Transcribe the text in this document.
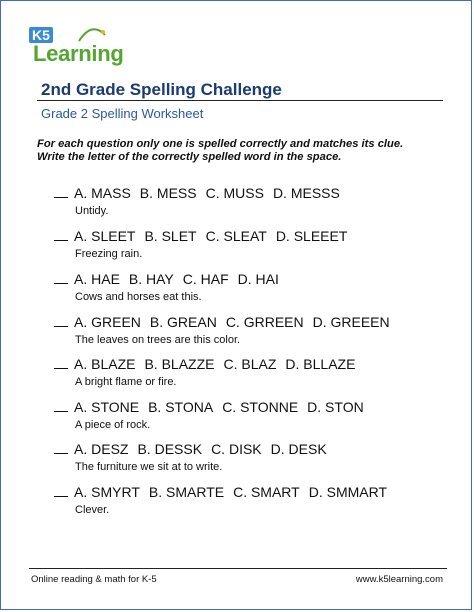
K5
Learning
2nd Grade Spelling Challenge
Grade 2 Spelling Worksheet
For each question only one is spelled correctly and matches its clue.
Write the letter of the correctly spelled word in the space.
A. MASS B. MESS C. MUSS D. MESSS
Untidy.
A. SLEET B. SLET C. SLEAT D. SLEEET
Freezing rain.
A. HAE B. HAY C. HAF D. HAI
Cows and horses eat this.
A. GREEN B. GREAN C. GRREEN D. GREEEN
The leaves on trees are this color.
A. BLAZE B. BLAZZE C. BLAZ D. BLLAZE
A bright flame or fire.
A. STONE B. STONA C. STONNE D. STON
A piece of rock.
A. DESZ B. DESSK C. DISK D. DESK
The furniture we sit at to write.
A. SMYRT B. SMARTE C. SMART D. SMMART
Clever.
Online reading & math for K-5	www.k5learning.com
